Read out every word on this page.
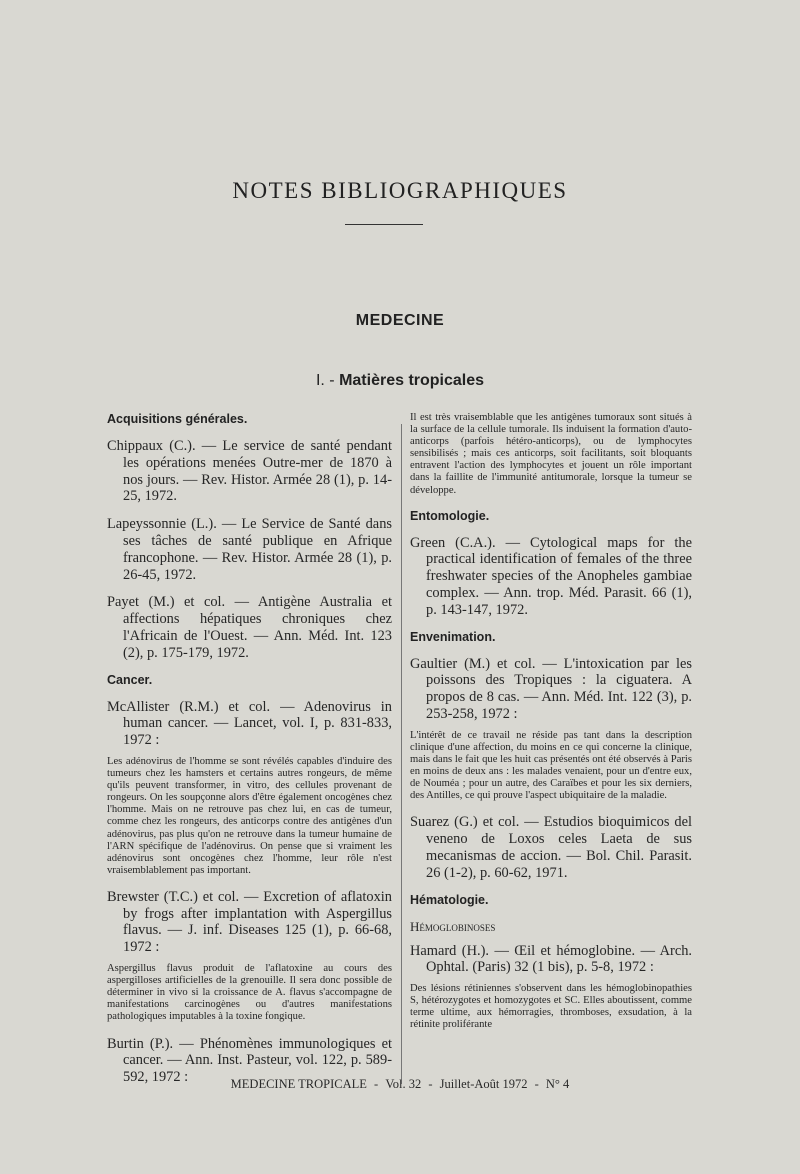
NOTES BIBLIOGRAPHIQUES
MEDECINE
I. - Matières tropicales
Acquisitions générales.
Chippaux (C.). — Le service de santé pendant les opérations menées Outre-mer de 1870 à nos jours. — Rev. Histor. Armée 28 (1), p. 14-25, 1972.
Lapeyssonnie (L.). — Le Service de Santé dans ses tâches de santé publique en Afrique francophone. — Rev. Histor. Armée 28 (1), p. 26-45, 1972.
Payet (M.) et col. — Antigène Australia et affections hépatiques chroniques chez l'Africain de l'Ouest. — Ann. Méd. Int. 123 (2), p. 175-179, 1972.
Cancer.
McAllister (R.M.) et col. — Adenovirus in human cancer. — Lancet, vol. I, p. 831-833, 1972 :
Les adénovirus de l'homme se sont révélés capables d'induire des tumeurs chez les hamsters et certains autres rongeurs, de même qu'ils peuvent transformer, in vitro, des cellules provenant de rongeurs. On les soupçonne alors d'être également oncogènes chez l'homme. Mais on ne retrouve pas chez lui, en cas de tumeur, comme chez les rongeurs, des anticorps contre des antigènes d'un adénovirus, pas plus qu'on ne retrouve dans la tumeur humaine de l'ARN spécifique de l'adénovirus. On pense que si vraiment les adénovirus sont oncogènes chez l'homme, leur rôle n'est vraisemblablement pas important.
Brewster (T.C.) et col. — Excretion of aflatoxin by frogs after implantation with Aspergillus flavus. — J. inf. Diseases 125 (1), p. 66-68, 1972 :
Aspergillus flavus produit de l'aflatoxine au cours des aspergilloses artificielles de la grenouille. Il sera donc possible de déterminer in vivo si la croissance de A. flavus s'accompagne de manifestations carcinogènes ou d'autres manifestations pathologiques imputables à la toxine fongique.
Burtin (P.). — Phénomènes immunologiques et cancer. — Ann. Inst. Pasteur, vol. 122, p. 589-592, 1972 :
Il est très vraisemblable que les antigènes tumoraux sont situés à la surface de la cellule tumorale. Ils induisent la formation d'auto-anticorps (parfois hétéro-anticorps), ou de lymphocytes sensibilisés ; mais ces anticorps, soit facilitants, soit bloquants entravent l'action des lymphocytes et jouent un rôle important dans la faillite de l'immunité antitumorale, lorsque la tumeur se développe.
Entomologie.
Green (C.A.). — Cytological maps for the practical identification of females of the three freshwater species of the Anopheles gambiae complex. — Ann. trop. Méd. Parasit. 66 (1), p. 143-147, 1972.
Envenimation.
Gaultier (M.) et col. — L'intoxication par les poissons des Tropiques : la ciguatera. A propos de 8 cas. — Ann. Méd. Int. 122 (3), p. 253-258, 1972 :
L'intérêt de ce travail ne réside pas tant dans la description clinique d'une affection, du moins en ce qui concerne la clinique, mais dans le fait que les huit cas présentés ont été observés à Paris en moins de deux ans : les malades venaient, pour un d'entre eux, de Nouméa ; pour un autre, des Caraïbes et pour les six derniers, des Antilles, ce qui prouve l'aspect ubiquitaire de la maladie.
Suarez (G.) et col. — Estudios bioquimicos del veneno de Loxos celes Laeta de sus mecanismas de accion. — Bol. Chil. Parasit. 26 (1-2), p. 60-62, 1971.
Hématologie.
Hémoglobinoses
Hamard (H.). — Œil et hémoglobine. — Arch. Ophtal. (Paris) 32 (1 bis), p. 5-8, 1972 :
Des lésions rétiniennes s'observent dans les hémoglobinopathies S, hétérozygotes et homozygotes et SC. Elles aboutissent, comme terme ultime, aux hémorragies, thromboses, exsudation, à la rétinite proliférante
MEDECINE TROPICALE - Vol. 32 - Juillet-Août 1972 - N° 4
